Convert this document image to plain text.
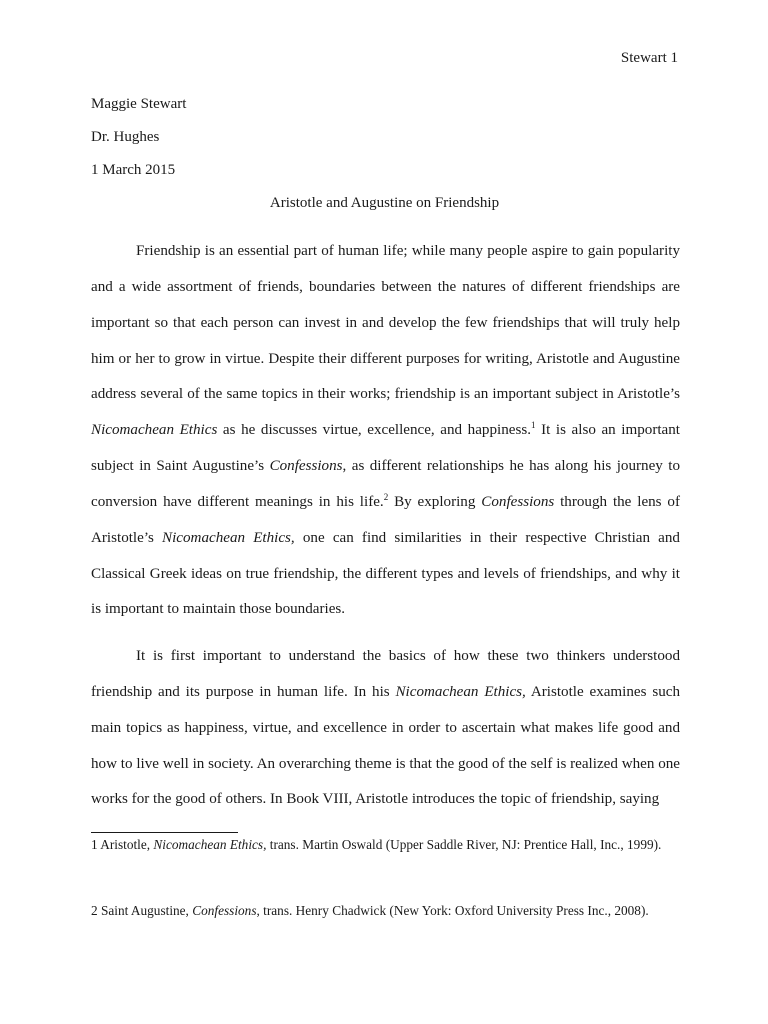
Stewart 1
Maggie Stewart
Dr. Hughes
1 March 2015
Aristotle and Augustine on Friendship

Friendship is an essential part of human life; while many people aspire to gain popularity and a wide assortment of friends, boundaries between the natures of different friendships are important so that each person can invest in and develop the few friendships that will truly help him or her to grow in virtue. Despite their different purposes for writing, Aristotle and Augustine address several of the same topics in their works; friendship is an important subject in Aristotle’s Nicomachean Ethics as he discusses virtue, excellence, and happiness.$^1$ It is also an important subject in Saint Augustine’s Confessions, as different relationships he has along his journey to conversion have different meanings in his life.$^2$ By exploring Confessions through the lens of Aristotle’s Nicomachean Ethics, one can find similarities in their respective Christian and Classical Greek ideas on true friendship, the different types and levels of friendships, and why it is important to maintain those boundaries.

It is first important to understand the basics of how these two thinkers understood friendship and its purpose in human life. In his Nicomachean Ethics, Aristotle examines such main topics as happiness, virtue, and excellence in order to ascertain what makes life good and how to live well in society. An overarching theme is that the good of the self is realized when one works for the good of others. In Book VIII, Aristotle introduces the topic of friendship, saying

1 Aristotle, Nicomachean Ethics, trans. Martin Oswald (Upper Saddle River, NJ: Prentice Hall, Inc., 1999).

2 Saint Augustine, Confessions, trans. Henry Chadwick (New York: Oxford University Press Inc., 2008).
